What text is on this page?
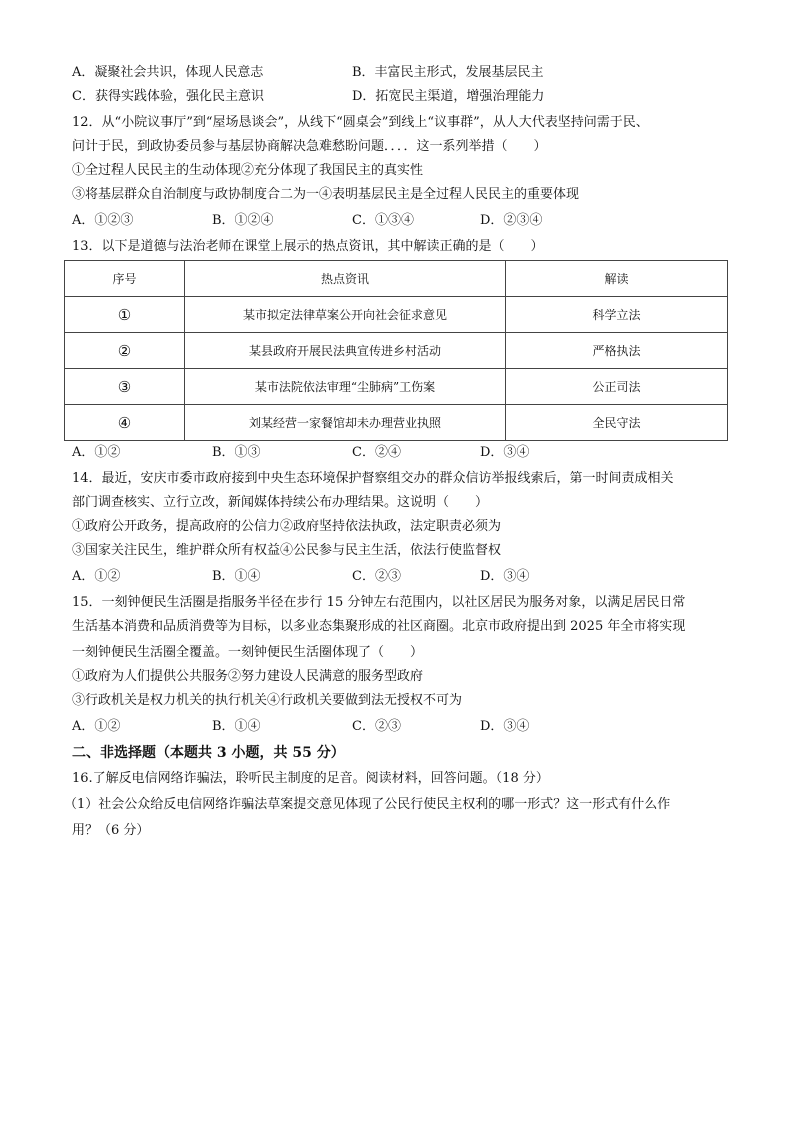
A．凝聚社会共识，体现人民意志	B．丰富民主形式，发展基层民主
C．获得实践体验，强化民主意识	D．拓宽民主渠道，增强治理能力
12．从“小院议事厅”到“屋场恳谈会”，从线下“圆桌会”到线上“议事群”，从人大代表坚持问需于民、
问计于民，到政协委员参与基层协商解决急难愁盼问题．．．．这一系列举措（　　）
①全过程人民民主的生动体现②充分体现了我国民主的真实性
③将基层群众自治制度与政协制度合二为一④表明基层民主是全过程人民民主的重要体现
A．①②③	B．①②④	C．①③④	D．②③④
13．以下是道德与法治老师在课堂上展示的热点资讯，其中解读正确的是（　　）
序号	热点资讯	解读
①	某市拟定法律草案公开向社会征求意见	科学立法
②	某县政府开展民法典宣传进乡村活动	严格执法
③	某市法院依法审理“尘肺病”工伤案	公正司法
④	刘某经营一家餐馆却未办理营业执照	全民守法
A．①②	B．①③	C．②④	D．③④
14．最近，安庆市委市政府接到中央生态环境保护督察组交办的群众信访举报线索后，第一时间责成相关
部门调查核实、立行立改，新闻媒体持续公布办理结果。这说明（　　）
①政府公开政务，提高政府的公信力②政府坚持依法执政，法定职责必须为
③国家关注民生，维护群众所有权益④公民参与民主生活，依法行使监督权
A．①②	B．①④	C．②③	D．③④
15．一刻钟便民生活圈是指服务半径在步行 15 分钟左右范围内，以社区居民为服务对象，以满足居民日常
生活基本消费和品质消费等为目标，以多业态集聚形成的社区商圈。北京市政府提出到 2025 年全市将实现
一刻钟便民生活圈全覆盖。一刻钟便民生活圈体现了（　　）
①政府为人们提供公共服务②努力建设人民满意的服务型政府
③行政机关是权力机关的执行机关④行政机关要做到法无授权不可为
A．①②	B．①④	C．②③	D．③④
二、非选择题（本题共 3 小题，共 55 分）
16.了解反电信网络诈骗法，聆听民主制度的足音。阅读材料，回答问题。（18 分）
（1）社会公众给反电信网络诈骗法草案提交意见体现了公民行使民主权利的哪一形式？这一形式有什么作
用？（6 分）
